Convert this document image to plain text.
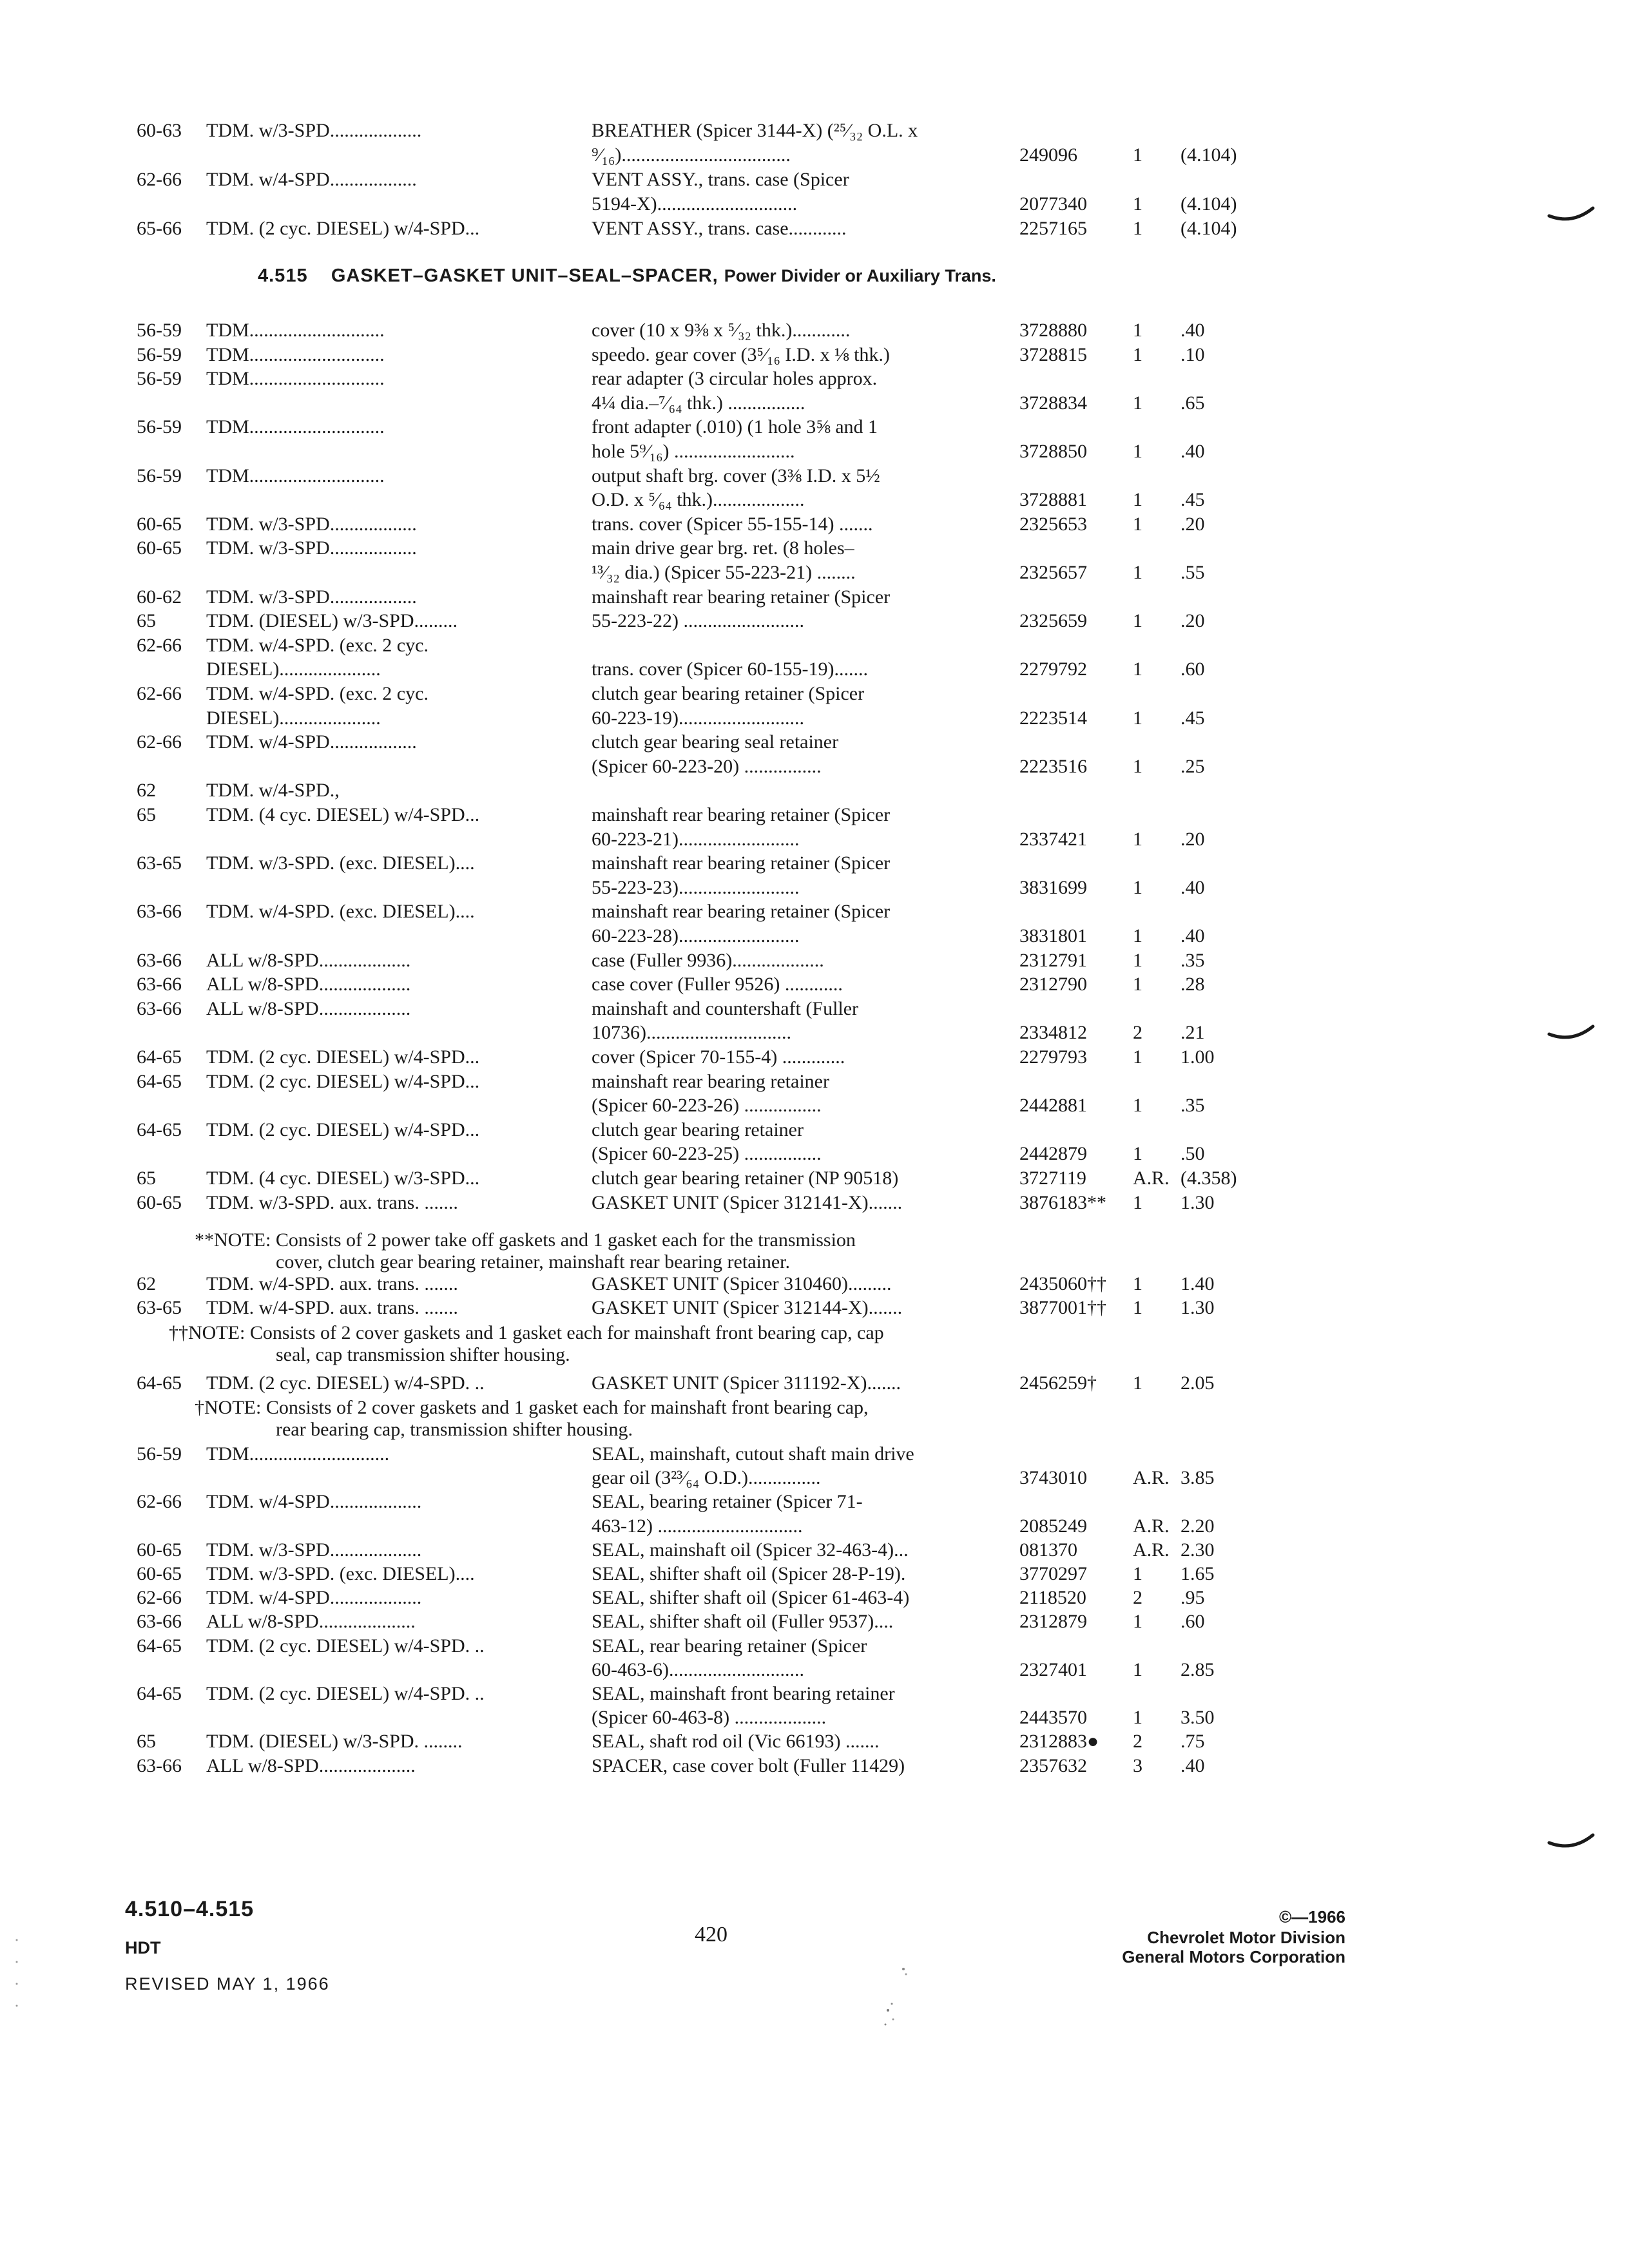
60-63 TDM. w/3-SPD...................	BREATHER (Spicer 3144-X) (²⁵⁄₃₂ O.L. x
⁹⁄₁₆)...................................	249096	1 (4.104)
62-66 TDM. w/4-SPD..................	VENT ASSY., trans. case (Spicer
5194-X).............................	2077340 1 (4.104)
65-66 TDM. (2 cyc. DIESEL) w/4-SPD...	VENT ASSY., trans. case............	2257165 1 (4.104)
4.515 GASKET–GASKET UNIT–SEAL–SPACER, Power Divider or Auxiliary Trans.
56-59 TDM............................	cover (10 x 9⅜ x ⁵⁄₃₂ thk.)............	3728880 1 .40
56-59 TDM............................	speedo. gear cover (3⁵⁄₁₆ I.D. x ⅛ thk.)	3728815 1 .10
56-59 TDM............................	rear adapter (3 circular holes approx.
4¼ dia.–⁷⁄₆₄ thk.) ................	3728834 1 .65
56-59 TDM............................	front adapter (.010) (1 hole 3⅝ and 1
hole 5⁹⁄₁₆) .........................	3728850 1 .40
56-59 TDM............................	output shaft brg. cover (3⅜ I.D. x 5½
O.D. x ⁵⁄₆₄ thk.)...................	3728881 1 .45
60-65 TDM. w/3-SPD..................	trans. cover (Spicer 55-155-14) .......	2325653 1 .20
60-65 TDM. w/3-SPD..................	main drive gear brg. ret. (8 holes–
¹³⁄₃₂ dia.) (Spicer 55-223-21) ........	2325657 1 .55
60-62 TDM. w/3-SPD..................	mainshaft rear bearing retainer (Spicer
65	TDM. (DIESEL) w/3-SPD.........	55-223-22) .........................	2325659 1 .20
62-66 TDM. w/4-SPD. (exc. 2 cyc.
DIESEL).....................	trans. cover (Spicer 60-155-19).......	2279792 1 .60
62-66 TDM. w/4-SPD. (exc. 2 cyc.	clutch gear bearing retainer (Spicer
DIESEL).....................	60-223-19)..........................	2223514 1 .45
62-66 TDM. w/4-SPD..................	clutch gear bearing seal retainer
(Spicer 60-223-20) ................	2223516 1 .25
62	TDM. w/4-SPD.,
65	TDM. (4 cyc. DIESEL) w/4-SPD...	mainshaft rear bearing retainer (Spicer
60-223-21).........................	2337421 1 .20
63-65 TDM. w/3-SPD. (exc. DIESEL)....	mainshaft rear bearing retainer (Spicer
55-223-23).........................	3831699 1 .40
63-66 TDM. w/4-SPD. (exc. DIESEL)....	mainshaft rear bearing retainer (Spicer
60-223-28).........................	3831801 1 .40
63-66 ALL w/8-SPD...................	case (Fuller 9936)...................	2312791 1 .35
63-66 ALL w/8-SPD...................	case cover (Fuller 9526) ............	2312790 1 .28
63-66 ALL w/8-SPD...................	mainshaft and countershaft (Fuller
10736)..............................	2334812 2 .21
64-65 TDM. (2 cyc. DIESEL) w/4-SPD...	cover (Spicer 70-155-4) .............	2279793 1 1.00
64-65 TDM. (2 cyc. DIESEL) w/4-SPD...	mainshaft rear bearing retainer
(Spicer 60-223-26) ................	2442881 1 .35
64-65 TDM. (2 cyc. DIESEL) w/4-SPD...	clutch gear bearing retainer
(Spicer 60-223-25) ................	2442879 1 .50
65	TDM. (4 cyc. DIESEL) w/3-SPD...	clutch gear bearing retainer (NP 90518)	3727119 A.R. (4.358)
60-65 TDM. w/3-SPD. aux. trans. .......	GASKET UNIT (Spicer 312141-X).......	3876183** 1 1.30
**NOTE: Consists of 2 power take off gaskets and 1 gasket each for the transmission
cover, clutch gear bearing retainer, mainshaft rear bearing retainer.
62	TDM. w/4-SPD. aux. trans. .......	GASKET UNIT (Spicer 310460).........	2435060†† 1 1.40
63-65 TDM. w/4-SPD. aux. trans. .......	GASKET UNIT (Spicer 312144-X).......	3877001†† 1 1.30
††NOTE: Consists of 2 cover gaskets and 1 gasket each for mainshaft front bearing cap, cap
seal, cap transmission shifter housing.
64-65 TDM. (2 cyc. DIESEL) w/4-SPD. ..	GASKET UNIT (Spicer 311192-X).......	2456259† 1 2.05
†NOTE: Consists of 2 cover gaskets and 1 gasket each for mainshaft front bearing cap,
rear bearing cap, transmission shifter housing.
56-59 TDM.............................	SEAL, mainshaft, cutout shaft main drive
gear oil (3²³⁄₆₄ O.D.)...............	3743010 A.R. 3.85
62-66 TDM. w/4-SPD...................	SEAL, bearing retainer (Spicer 71-
463-12) ..............................	2085249 A.R. 2.20
60-65 TDM. w/3-SPD...................	SEAL, mainshaft oil (Spicer 32-463-4)...	081370	A.R. 2.30
60-65 TDM. w/3-SPD. (exc. DIESEL)....	SEAL, shifter shaft oil (Spicer 28-P-19).	3770297 1 1.65
62-66 TDM. w/4-SPD...................	SEAL, shifter shaft oil (Spicer 61-463-4)	2118520 2 .95
63-66 ALL w/8-SPD....................	SEAL, shifter shaft oil (Fuller 9537)....	2312879 1 .60
64-65 TDM. (2 cyc. DIESEL) w/4-SPD. ..	SEAL, rear bearing retainer (Spicer
60-463-6)............................	2327401 1 2.85
64-65 TDM. (2 cyc. DIESEL) w/4-SPD. ..	SEAL, mainshaft front bearing retainer
(Spicer 60-463-8) ...................	2443570 1 3.50
65	TDM. (DIESEL) w/3-SPD. ........	SEAL, shaft rod oil (Vic 66193) .......	2312883● 2 .75
63-66 ALL w/8-SPD....................	SPACER, case cover bolt (Fuller 11429)	2357632 3 .40
4.510–4.515
HDT
REVISED MAY 1, 1966
420
©—1966
Chevrolet Motor Division
General Motors Corporation
